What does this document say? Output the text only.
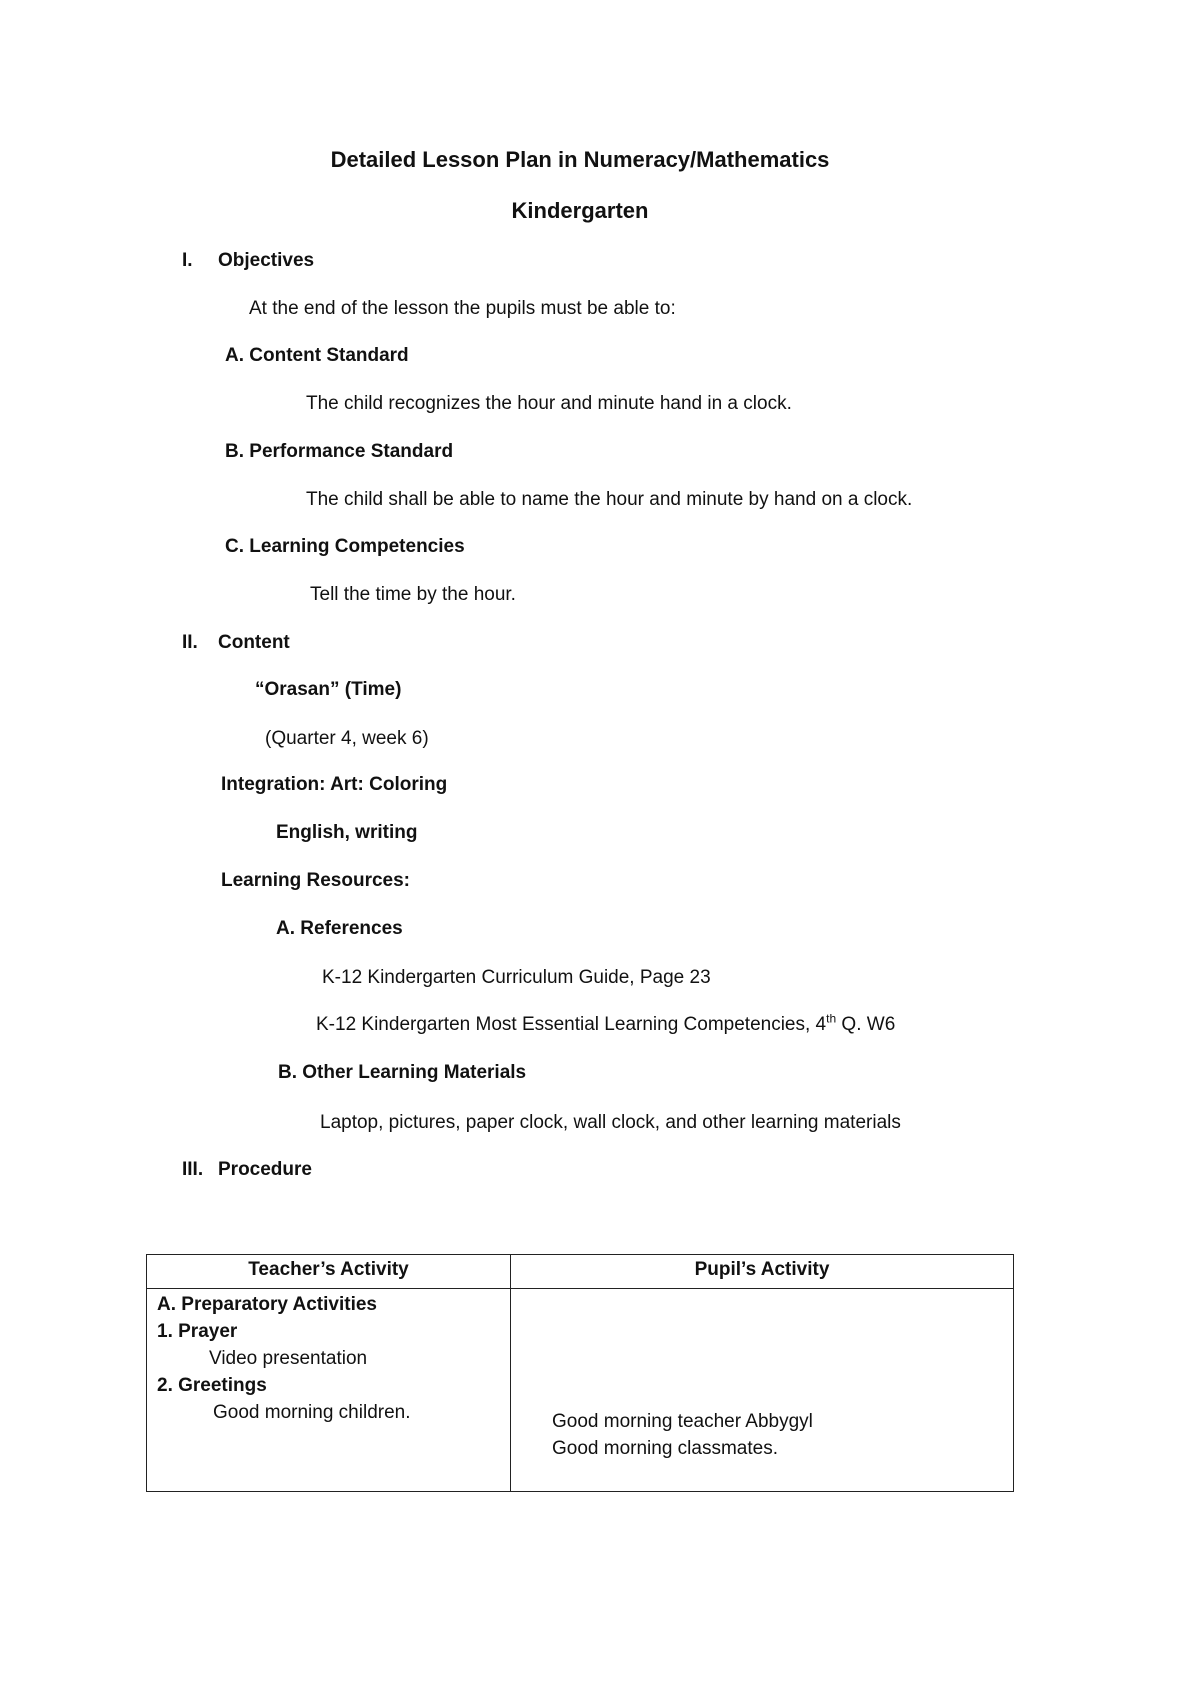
Detailed Lesson Plan in Numeracy/Mathematics
Kindergarten
I. Objectives
At the end of the lesson the pupils must be able to:
A. Content Standard
The child recognizes the hour and minute hand in a clock.
B. Performance Standard
The child shall be able to name the hour and minute by hand on a clock.
C. Learning Competencies
Tell the time by the hour.
II. Content
“Orasan” (Time)
(Quarter 4, week 6)
Integration: Art: Coloring
English, writing
Learning Resources:
A. References
K-12 Kindergarten Curriculum Guide, Page 23
K-12 Kindergarten Most Essential Learning Competencies, 4th Q. W6
B. Other Learning Materials
Laptop, pictures, paper clock, wall clock, and other learning materials
III. Procedure
Teacher’s Activity	Pupil’s Activity
A. Preparatory Activities
1. Prayer
Video presentation
2. Greetings
Good morning children.	Good morning teacher Abbygyl
Good morning classmates.
